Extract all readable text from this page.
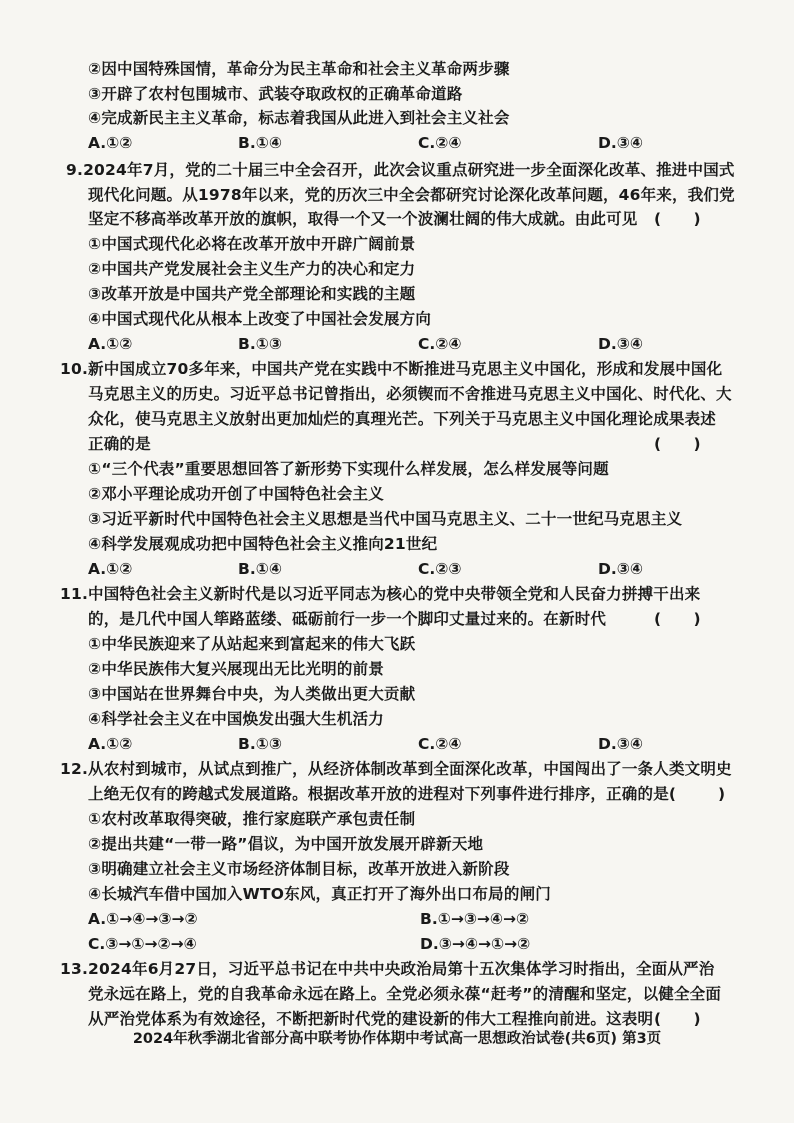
②因中国特殊国情，革命分为民主革命和社会主义革命两步骤
③开辟了农村包围城市、武装夺取政权的正确革命道路
④完成新民主主义革命，标志着我国从此进入到社会主义社会
9.2024年7月，党的二十届三中全会召开，此次会议重点研究进一步全面深化改革、推进中国式
现代化问题。从1978年以来，党的历次三中全会都研究讨论深化改革问题，46年来，我们党
坚定不移高举改革开放的旗帜，取得一个又一个波澜壮阔的伟大成就。由此可见
①中国式现代化必将在改革开放中开辟广阔前景
②中国共产党发展社会主义生产力的决心和定力
③改革开放是中国共产党全部理论和实践的主题
④中国式现代化从根本上改变了中国社会发展方向
10.新中国成立70多年来，中国共产党在实践中不断推进马克思主义中国化，形成和发展中国化
马克思主义的历史。习近平总书记曾指出，必须锲而不舍推进马克思主义中国化、时代化、大
众化，使马克思主义放射出更加灿烂的真理光芒。下列关于马克思主义中国化理论成果表述
正确的是
①“三个代表”重要思想回答了新形势下实现什么样发展，怎么样发展等问题
②邓小平理论成功开创了中国特色社会主义
③习近平新时代中国特色社会主义思想是当代中国马克思主义、二十一世纪马克思主义
④科学发展观成功把中国特色社会主义推向21世纪
11.中国特色社会主义新时代是以习近平同志为核心的党中央带领全党和人民奋力拼搏干出来
的，是几代中国人筚路蓝缕、砥砺前行一步一个脚印丈量过来的。在新时代
①中华民族迎来了从站起来到富起来的伟大飞跃
②中华民族伟大复兴展现出无比光明的前景
③中国站在世界舞台中央，为人类做出更大贡献
④科学社会主义在中国焕发出强大生机活力
12.从农村到城市，从试点到推广，从经济体制改革到全面深化改革，中国闯出了一条人类文明史
上绝无仅有的跨越式发展道路。根据改革开放的进程对下列事件进行排序，正确的是(
①农村改革取得突破，推行家庭联产承包责任制
②提出共建“一带一路”倡议，为中国开放发展开辟新天地
③明确建立社会主义市场经济体制目标，改革开放进入新阶段
④长城汽车借中国加入WTO东风，真正打开了海外出口布局的闸门
13.2024年6月27日，习近平总书记在中共中央政治局第十五次集体学习时指出，全面从严治
党永远在路上，党的自我革命永远在路上。全党必须永葆“赶考”的清醒和坚定，以健全全面
从严治党体系为有效途径，不断把新时代党的建设新的伟大工程推向前进。这表明
(      )
(      )
(      )
)
(      )
A.①②	B.①④	C.②④	D.③④
A.①②	B.①③	C.②④	D.③④
A.①②	B.①④	C.②③	D.③④
A.①②	B.①③	C.②④	D.③④
A.①→④→③→②	B.①→③→④→②
C.③→①→②→④	D.③→④→①→②
2024年秋季湖北省部分高中联考协作体期中考试高一思想政治试卷(共6页) 第3页
